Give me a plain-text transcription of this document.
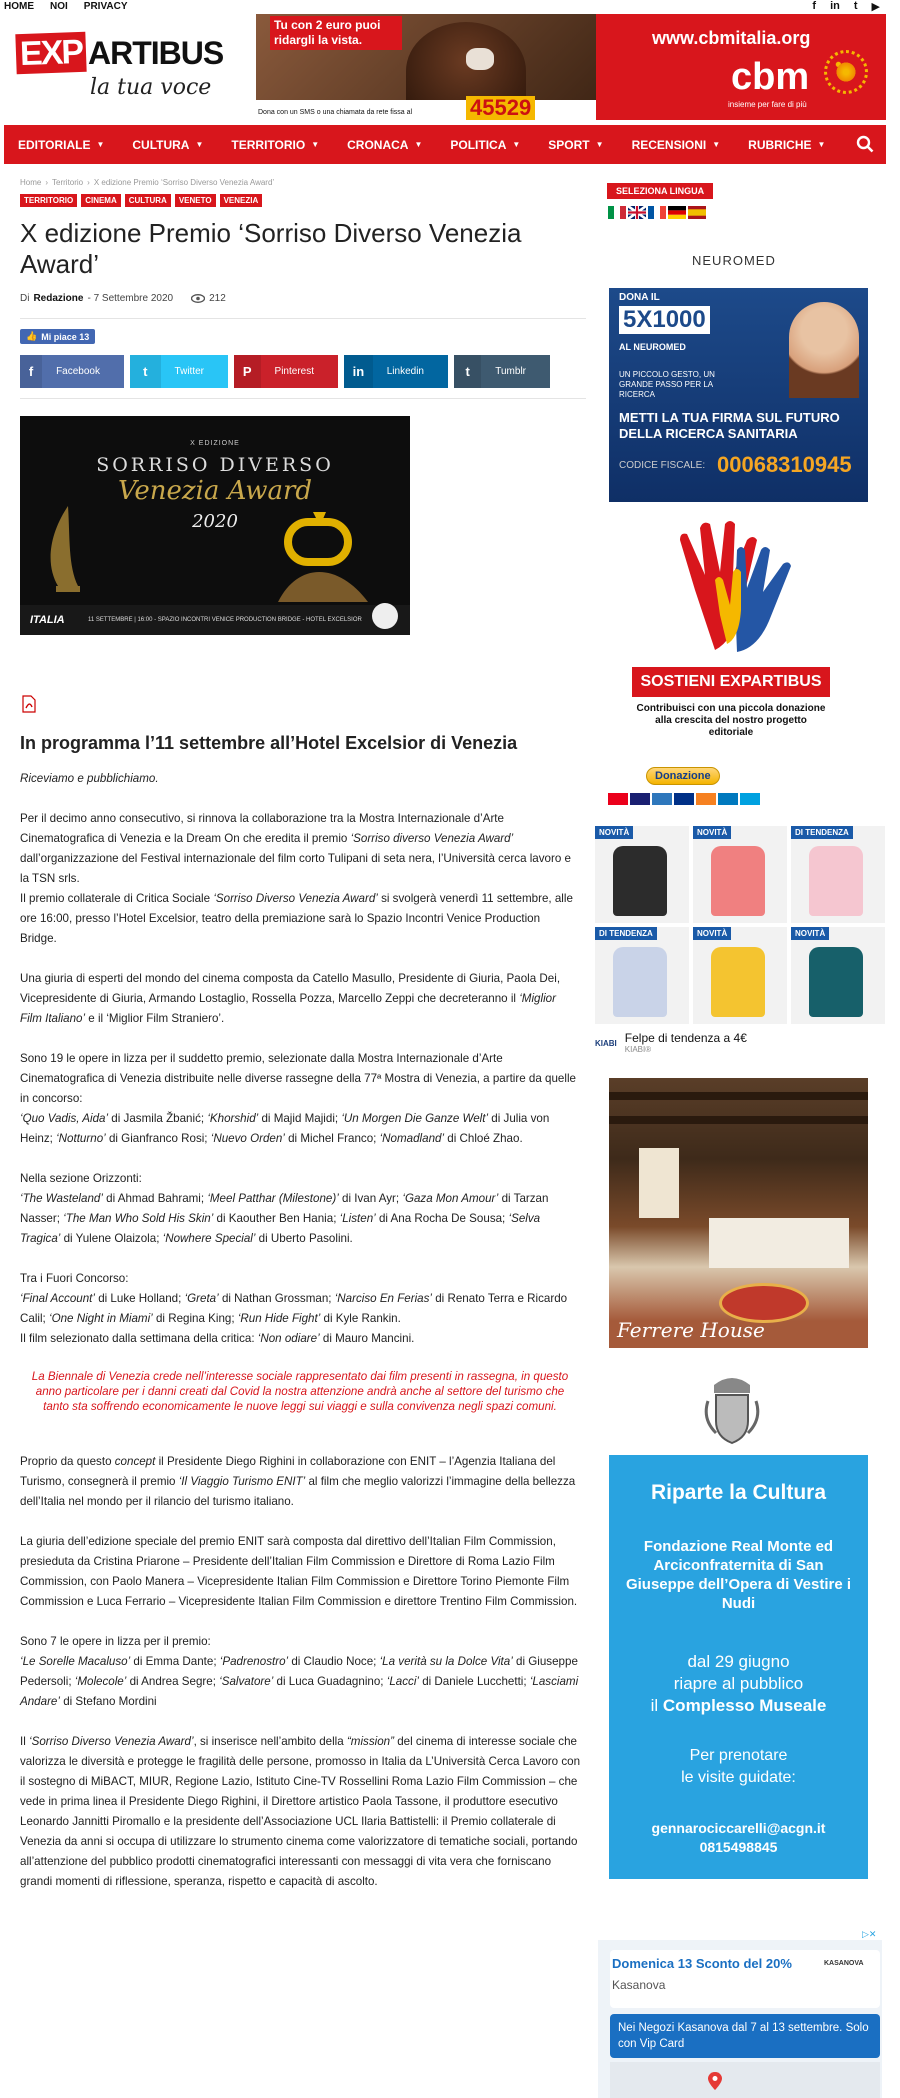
HOME NOI PRIVACY	f in t ▶
EXP ARTIBUS
la tua voce
Tu con 2 euro puoi ridargli la vista.
Dona con un SMS o una chiamata da rete fissa al	45529
www.cbmitalia.org
cbm
insieme per fare di più
EDITORIALE ▼ CULTURA ▼ TERRITORIO ▼ CRONACA ▼ POLITICA ▼ SPORT ▼ RECENSIONI ▼ RUBRICHE ▼
Home › Territorio › X edizione Premio ‘Sorriso Diverso Venezia Award’
TERRITORIO	CINEMA	CULTURA	VENETO	VENEZIA
X edizione Premio ‘Sorriso Diverso Venezia Award’
Di Redazione - 7 Settembre 2020	212
👍 Mi piace 13
f	Facebook	t	Twitter	P	Pinterest	in	Linkedin	t	Tumblr
X EDIZIONE
SORRISO DIVERSO
Venezia Award
2020
ITALIA	11 SETTEMBRE | 16:00 - SPAZIO INCONTRI VENICE PRODUCTION BRIDGE - HOTEL EXCELSIOR
In programma l’11 settembre all’Hotel Excelsior di Venezia

Riceviamo e pubblichiamo.

Per il decimo anno consecutivo, si rinnova la collaborazione tra la Mostra Internazionale d’Arte Cinematografica di Venezia e la Dream On che eredita il premio ‘Sorriso diverso Venezia Award’ dall’organizzazione del Festival internazionale del film corto Tulipani di seta nera, l’Università cerca lavoro e la TSN srls.

Il premio collaterale di Critica Sociale ‘Sorriso Diverso Venezia Award’ si svolgerà venerdì 11 settembre, alle ore 16:00, presso l’Hotel Excelsior, teatro della premiazione sarà lo Spazio Incontri Venice Production Bridge.

Una giuria di esperti del mondo del cinema composta da Catello Masullo, Presidente di Giuria, Paola Dei, Vicepresidente di Giuria, Armando Lostaglio, Rossella Pozza, Marcello Zeppi che decreteranno il ‘Miglior Film Italiano’ e il ‘Miglior Film Straniero’.

Sono 19 le opere in lizza per il suddetto premio, selezionate dalla Mostra Internazionale d’Arte Cinematografica di Venezia distribuite nelle diverse rassegne della 77ª Mostra di Venezia, a partire da quelle in concorso:
‘Quo Vadis, Aida’ di Jasmila Žbanić; ‘Khorshid’ di Majid Majidi; ‘Un Morgen Die Ganze Welt’ di Julia von Heinz; ‘Notturno’ di Gianfranco Rosi; ‘Nuevo Orden’ di Michel Franco; ‘Nomadland’ di Chloé Zhao.

Nella sezione Orizzonti:
‘The Wasteland’ di Ahmad Bahrami; ‘Meel Patthar (Milestone)’ di Ivan Ayr; ‘Gaza Mon Amour’ di Tarzan Nasser; ‘The Man Who Sold His Skin’ di Kaouther Ben Hania; ‘Listen’ di Ana Rocha De Sousa; ‘Selva Tragica’ di Yulene Olaizola; ‘Nowhere Special’ di Uberto Pasolini.

Tra i Fuori Concorso:
‘Final Account’ di Luke Holland; ‘Greta’ di Nathan Grossman; ‘Narciso En Ferias’ di Renato Terra e Ricardo Calil; ‘One Night in Miami’ di Regina King; ‘Run Hide Fight’ di Kyle Rankin.
Il film selezionato dalla settimana della critica: ‘Non odiare’ di Mauro Mancini.

La Biennale di Venezia crede nell’interesse sociale rappresentato dai film presenti in rassegna, in questo anno particolare per i danni creati dal Covid la nostra attenzione andrà anche al settore del turismo che tanto sta soffrendo economicamente le nuove leggi sui viaggi e sulla convivenza negli spazi comuni.

Proprio da questo concept il Presidente Diego Righini in collaborazione con ENIT – l’Agenzia Italiana del Turismo, consegnerà il premio ‘Il Viaggio Turismo ENIT’ al film che meglio valorizzi l’immagine della bellezza dell’Italia nel mondo per il rilancio del turismo italiano.

La giuria dell’edizione speciale del premio ENIT sarà composta dal direttivo dell’Italian Film Commission, presieduta da Cristina Priarone – Presidente dell’Italian Film Commission e Direttore di Roma Lazio Film Commission, con Paolo Manera – Vicepresidente Italian Film Commission e Direttore Torino Piemonte Film Commission e Luca Ferrario – Vicepresidente Italian Film Commission e direttore Trentino Film Commission.

Sono 7 le opere in lizza per il premio:
‘Le Sorelle Macaluso’ di Emma Dante; ‘Padrenostro’ di Claudio Noce; ‘La verità su la Dolce Vita’ di Giuseppe Pedersoli; ‘Molecole’ di Andrea Segre; ‘Salvatore’ di Luca Guadagnino; ‘Lacci’ di Daniele Lucchetti; ‘Lasciami Andare’ di Stefano Mordini

Il ‘Sorriso Diverso Venezia Award’, si inserisce nell’ambito della “mission” del cinema di interesse sociale che valorizza le diversità e protegge le fragilità delle persone, promosso in Italia da L’Università Cerca Lavoro con il sostegno di MiBACT, MIUR, Regione Lazio, Istituto Cine-TV Rossellini Roma Lazio Film Commission – che vede in prima linea il Presidente Diego Righini, il Direttore artistico Paola Tassone, il produttore esecutivo Leonardo Jannitti Piromallo e la presidente dell’Associazione UCL Ilaria Battistelli: il Premio collaterale di Venezia da anni si occupa di utilizzare lo strumento cinema come valorizzatore di tematiche sociali, portando all’attenzione del pubblico prodotti cinematografici interessanti con messaggi di vita vera che forniscano grandi momenti di riflessione, speranza, rispetto e capacità di ascolto.

SELEZIONA LINGUA
NEUROMED
DONA IL
5X1000
AL NEUROMED
UN PICCOLO GESTO, UN GRANDE PASSO PER LA RICERCA
METTI LA TUA FIRMA SUL FUTURO DELLA RICERCA SANITARIA
CODICE FISCALE: 00068310945
SOSTIENI EXPARTIBUS
Contribuisci con una piccola donazione alla crescita del nostro progetto editoriale
Donazione
NOVITÀ	NOVITÀ	DI TENDENZA
DI TENDENZA	NOVITÀ	NOVITÀ
KIABI Felpe di tendenza a 4€
KIABI®
Ferrere House
Riparte la Cultura
Fondazione Real Monte ed Arciconfraternita di San Giuseppe dell’Opera di Vestire i Nudi
dal 29 giugno
riapre al pubblico
il Complesso Museale
Per prenotare
le visite guidate:
gennarociccarelli@acgn.it
0815498845
▷✕
Domenica 13 Sconto del 20%
Kasanova
KASANOVA
Nei Negozi Kasanova dal 7 al 13 settembre. Solo con Vip Card
